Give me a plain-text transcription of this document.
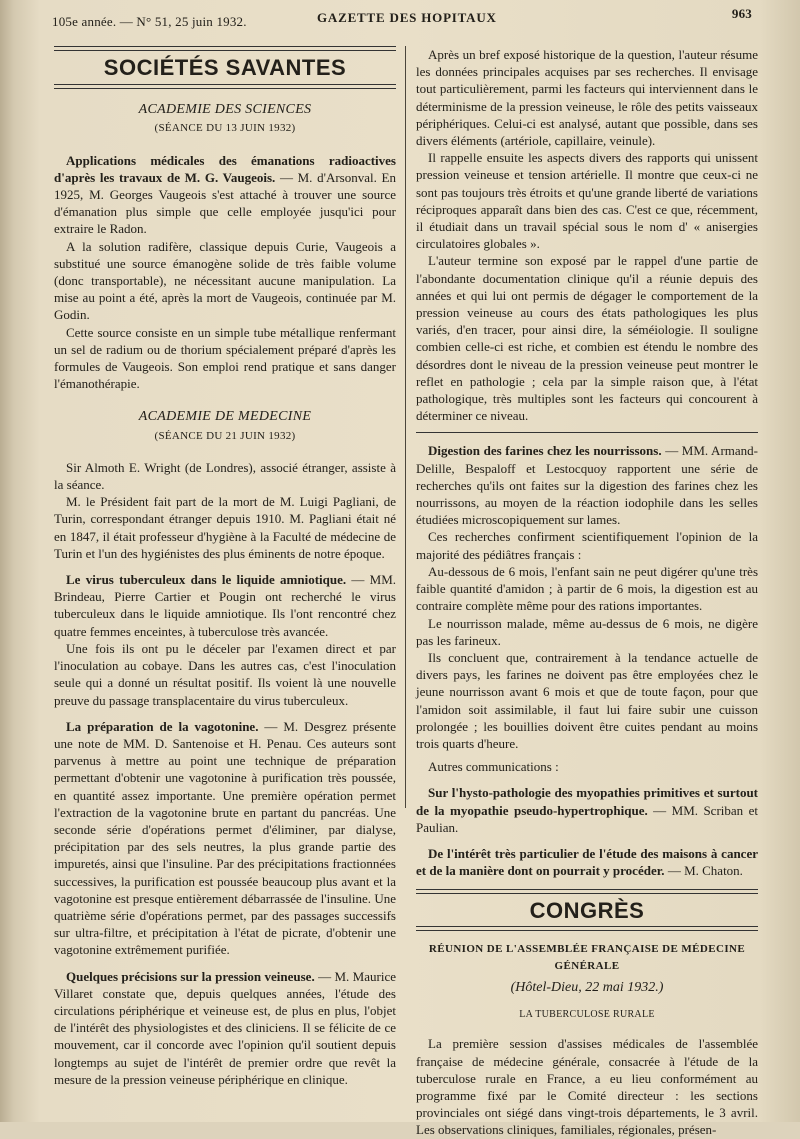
105e année. — N° 51, 25 juin 1932.	GAZETTE DES HOPITAUX	963
SOCIÉTÉS SAVANTES
ACADEMIE DES SCIENCES
(SÉANCE DU 13 JUIN 1932)

Applications médicales des émanations radioactives d'après les travaux de M. G. Vaugeois. — M. d'Arsonval. En 1925, M. Georges Vaugeois s'est attaché à trouver une source d'émanation plus simple que celle employée jusqu'ici pour extraire le Radon.

A la solution radifère, classique depuis Curie, Vaugeois a substitué une source émanogène solide de très faible volume (donc transportable), ne nécessitant aucune manipulation. La mise au point a été, après la mort de Vaugeois, continuée par M. Godin.

Cette source consiste en un simple tube métallique renfermant un sel de radium ou de thorium spécialement préparé d'après les formules de Vaugeois. Son emploi rend pratique et sans danger l'émanothérapie.

ACADEMIE DE MEDECINE
(SÉANCE DU 21 JUIN 1932)

Sir Almoth E. Wright (de Londres), associé étranger, assiste à la séance.

M. le Président fait part de la mort de M. Luigi Pagliani, de Turin, correspondant étranger depuis 1910. M. Pagliani était né en 1847, il était professeur d'hygiène à la Faculté de médecine de Turin et l'un des hygiénistes des plus éminents de notre époque.

Le virus tuberculeux dans le liquide amniotique. — MM. Brindeau, Pierre Cartier et Pougin ont recherché le virus tuberculeux dans le liquide amniotique. Ils l'ont rencontré chez quatre femmes enceintes, à tuberculose très avancée.

Une fois ils ont pu le déceler par l'examen direct et par l'inoculation au cobaye. Dans les autres cas, c'est l'inoculation seule qui a donné un résultat positif. Ils voient là une nouvelle preuve du passage transplacentaire du virus tuberculeux.

La préparation de la vagotonine. — M. Desgrez présente une note de MM. D. Santenoise et H. Penau. Ces auteurs sont parvenus à mettre au point une technique de préparation permettant d'obtenir une vagotonine à purification très poussée, en quantité assez importante. Une première opération permet l'extraction de la vagotonine brute en partant du pancréas. Une seconde série d'opérations permet d'éliminer, par dialyse, précipitation par des sels neutres, la plus grande partie des impuretés, ainsi que l'insuline. Par des précipitations fractionnées successives, la purification est poussée beaucoup plus avant et la vagotonine est presque entièrement débarrassée de l'insuline. Une quatrième série d'opérations permet, par des passages successifs sur ultra-filtre, et précipitation à l'état de picrate, d'obtenir une vagotonine extrêmement purifiée.

Quelques précisions sur la pression veineuse. — M. Maurice Villaret constate que, depuis quelques années, l'étude des circulations périphérique et veineuse est, de plus en plus, l'objet de l'intérêt des physiologistes et des cliniciens. Il se félicite de ce mouvement, car il concorde avec l'opinion qu'il soutient depuis longtemps au sujet de l'intérêt de premier ordre que revêt la mesure de la pression veineuse périphérique en clinique.

Après un bref exposé historique de la question, l'auteur résume les données principales acquises par ses recherches. Il envisage tout particulièrement, parmi les facteurs qui interviennent dans le déterminisme de la pression veineuse, le rôle des petits vaisseaux périphériques. Celui-ci est analysé, autant que possible, dans ses divers éléments (artériole, capillaire, veinule).

Il rappelle ensuite les aspects divers des rapports qui unissent pression veineuse et tension artérielle. Il montre que ceux-ci ne sont pas toujours très étroits et qu'une grande liberté de variations réciproques apparaît dans bien des cas. C'est ce que, récemment, il étudiait dans un travail spécial sous le nom d' « anisergies circulatoires globales ».

L'auteur termine son exposé par le rappel d'une partie de l'abondante documentation clinique qu'il a réunie depuis des années et qui lui ont permis de dégager le comportement de la pression veineuse au cours des états pathologiques les plus variés, d'en tracer, pour ainsi dire, la séméiologie. Il souligne combien celle-ci est riche, et combien est étendu le nombre des désordres dont le niveau de la pression veineuse peut montrer le reflet en pathologie ; cela par la simple raison que, à l'état pathologique, très multiples sont les facteurs qui concourent à déterminer ce niveau.

Digestion des farines chez les nourrissons. — MM. Armand-Delille, Bespaloff et Lestocquoy rapportent une série de recherches qu'ils ont faites sur la digestion des farines chez les nourrissons, au moyen de la réaction iodophile dans les selles étudiées microscopiquement sur lames.

Ces recherches confirment scientifiquement l'opinion de la majorité des pédiâtres français :

Au-dessous de 6 mois, l'enfant sain ne peut digérer qu'une très faible quantité d'amidon ; à partir de 6 mois, la digestion est au contraire complète même pour des rations importantes.

Le nourrisson malade, même au-dessus de 6 mois, ne digère pas les farineux.

Ils concluent que, contrairement à la tendance actuelle de divers pays, les farines ne doivent pas être employées chez le jeune nourrisson avant 6 mois et que de toute façon, pour que l'amidon soit assimilable, il faut lui faire subir une cuisson prolongée ; les bouillies doivent être cuites pendant au moins trois quarts d'heure.

Autres communications :

Sur l'hysto-pathologie des myopathies primitives et surtout de la myopathie pseudo-hypertrophique. — MM. Scriban et Paulian.

De l'intérêt très particulier de l'étude des maisons à cancer et de la manière dont on pourrait y procéder. — M. Chaton.

CONGRÈS
RÉUNION DE L'ASSEMBLÉE FRANÇAISE DE MÉDECINE GÉNÉRALE
(Hôtel-Dieu, 22 mai 1932.)
LA TUBERCULOSE RURALE

La première session d'assises médicales de l'assemblée française de médecine générale, consacrée à l'étude de la tuberculose rurale en France, a eu lieu conformément au programme fixé par le Comité directeur : les sections provinciales ont siégé dans vingt-trois départements, le 3 avril. Les observations cliniques, familiales, régionales, présen-
